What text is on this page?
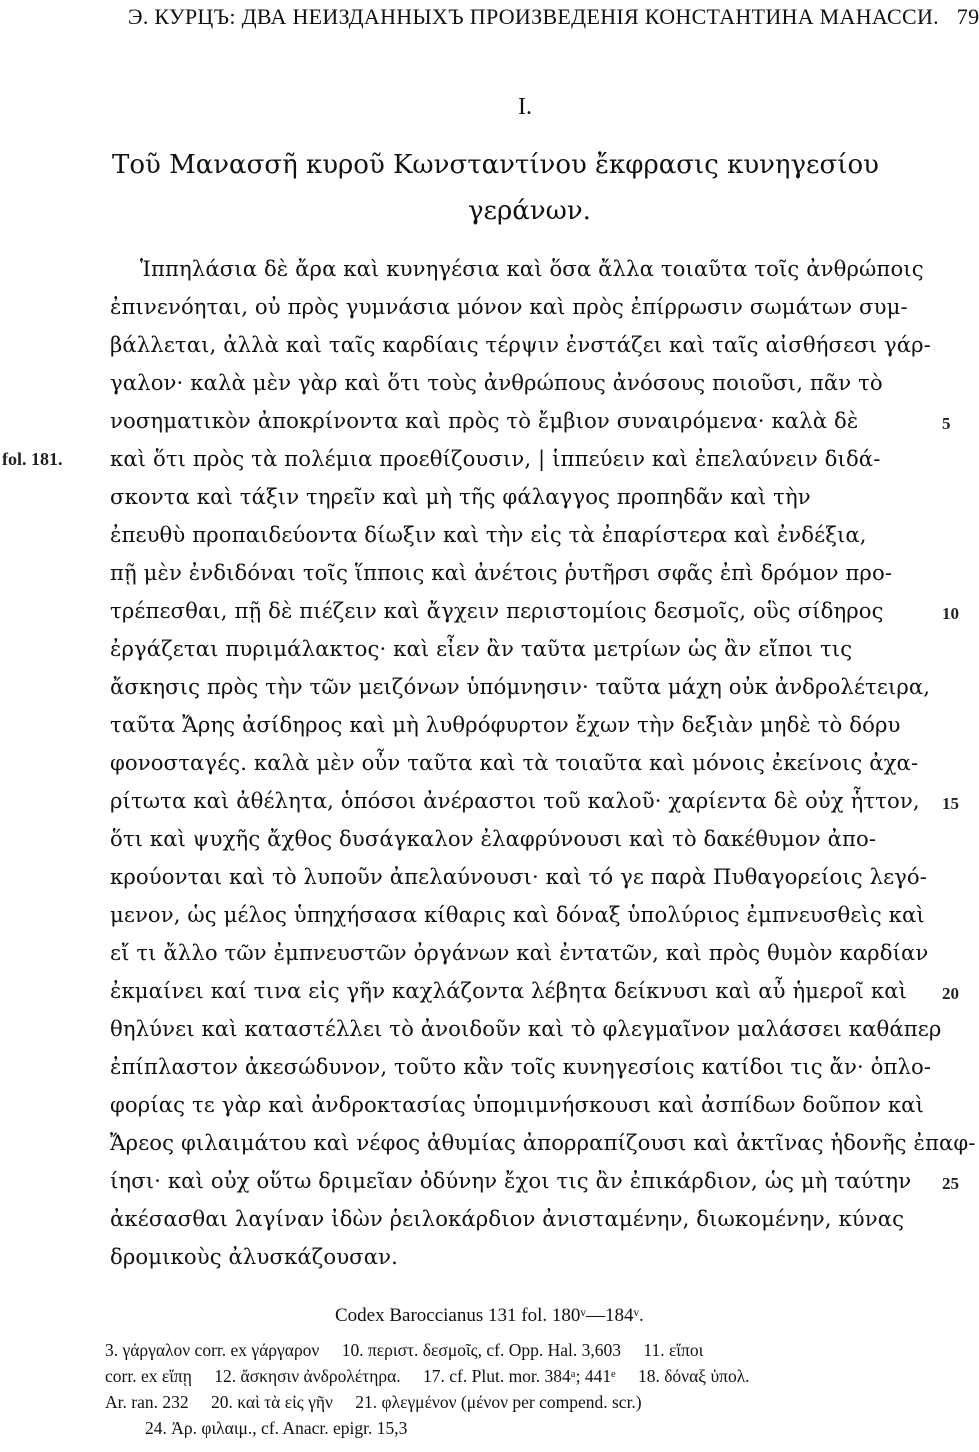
Э. КУРЦЪ: ДВА НЕИЗДАННЫХЪ ПРОИЗВЕДЕНІЯ КОНСТАНТИНА МАНАССИ. 79
I.
Τοῦ Μανασσῆ κυροῦ Κωνσταντίνου ἔκφρασις κυνηγεσίου
γεράνων.
Ἱππηλάσια δὲ ἄρα καὶ κυνηγέσια καὶ ὅσα ἄλλα τοιαῦτα τοῖς ἀνθρώποις
ἐπινενόηται, οὐ πρὸς γυμνάσια μόνον καὶ πρὸς ἐπίρρωσιν σωμάτων συμ-
βάλλεται, ἀλλὰ καὶ ταῖς καρδίαις τέρψιν ἐνστάζει καὶ ταῖς αἰσθήσεσι γάρ-
γαλον· καλὰ μὲν γὰρ καὶ ὅτι τοὺς ἀνθρώπους ἀνόσους ποιοῦσι, πᾶν τὸ
νοσηματικὸν ἀποκρίνοντα καὶ πρὸς τὸ ἔμβιον συναιρόμενα· καλὰ δὲ
καὶ ὅτι πρὸς τὰ πολέμια προεθίζουσιν, | ἱππεύειν καὶ ἐπελαύνειν διδά-
σκοντα καὶ τάξιν τηρεῖν καὶ μὴ τῆς φάλαγγος προπηδᾶν καὶ τὴν
ἐπευθὺ προπαιδεύοντα δίωξιν καὶ τὴν εἰς τὰ ἐπαρίστερα καὶ ἐνδέξια,
πῇ μὲν ἐνδιδόναι τοῖς ἵπποις καὶ ἀνέτοις ῥυτῆρσι σφᾶς ἐπὶ δρόμον προ-
τρέπεσθαι, πῇ δὲ πιέζειν καὶ ἄγχειν περιστομίοις δεσμοῖς, οὓς σίδηρος
ἐργάζεται πυριμάλακτος· καὶ εἶεν ἂν ταῦτα μετρίων ὡς ἂν εἴποι τις
ἄσκησις πρὸς τὴν τῶν μειζόνων ὑπόμνησιν· ταῦτα μάχη οὐκ ἀνδρολέτειρα,
ταῦτα Ἄρης ἀσίδηρος καὶ μὴ λυθρόφυρτον ἔχων τὴν δεξιὰν μηδὲ τὸ δόρυ
φονοσταγές. καλὰ μὲν οὖν ταῦτα καὶ τὰ τοιαῦτα καὶ μόνοις ἐκείνοις ἀχα-
ρίτωτα καὶ ἀθέλητα, ὁπόσοι ἀνέραστοι τοῦ καλοῦ· χαρίεντα δὲ οὐχ ἧττον,
ὅτι καὶ ψυχῆς ἄχθος δυσάγκαλον ἐλαφρύνουσι καὶ τὸ δακέθυμον ἀπο-
κρούονται καὶ τὸ λυποῦν ἀπελαύνουσι· καὶ τό γε παρὰ Πυθαγορείοις λεγό-
μενον, ὡς μέλος ὑπηχήσασα κίθαρις καὶ δόναξ ὑπολύριος ἐμπνευσθεὶς καὶ
εἴ τι ἄλλο τῶν ἐμπνευστῶν ὀργάνων καὶ ἐντατῶν, καὶ πρὸς θυμὸν καρδίαν
ἐκμαίνει καί τινα εἰς γῆν καχλάζοντα λέβητα δείκνυσι καὶ αὖ ἡμεροῖ καὶ
θηλύνει καὶ καταστέλλει τὸ ἀνοιδοῦν καὶ τὸ φλεγμαῖνον μαλάσσει καθάπερ
ἐπίπλαστον ἀκεσώδυνον, τοῦτο κἂν τοῖς κυνηγεσίοις κατίδοι τις ἄν· ὁπλο-
φορίας τε γὰρ καὶ ἀνδροκτασίας ὑπομιμνήσκουσι καὶ ἀσπίδων δοῦπον καὶ
Ἄρεος φιλαιμάτου καὶ νέφος ἀθυμίας ἀπορραπίζουσι καὶ ἀκτῖνας ἡδονῆς ἐπαφ-
ίησι· καὶ οὐχ οὕτω δριμεῖαν ὀδύνην ἔχοι τις ἂν ἐπικάρδιον, ὡς μὴ ταύτην
ἀκέσασθαι λαγίναν ἰδὼν ῥειλοκάρδιον ἀνισταμένην, διωκομένην, κύνας
δρομικοὺς ἀλυσκάζουσαν.
fol. 181.
5
10
15
20
25
Codex Baroccianus 131 fol. 180ᵛ—184ᵛ.
3. γάργαλον corr. ex γάργαρον 10. περιστ. δεσμοῖς, cf. Opp. Hal. 3,603 11. εἴποι
corr. ex εἴπῃ 12. ἄσκησιν ἀνδρολέτηρα. 17. cf. Plut. mor. 384ᵃ; 441ᵉ 18. δόναξ ὑπολ.
Ar. ran. 232 20. καὶ τὰ εἰς γῆν 21. φλεγμένον (μένον per compend. scr.)
24. Ἀρ. φιλαιμ., cf. Anacr. epigr. 15,3
